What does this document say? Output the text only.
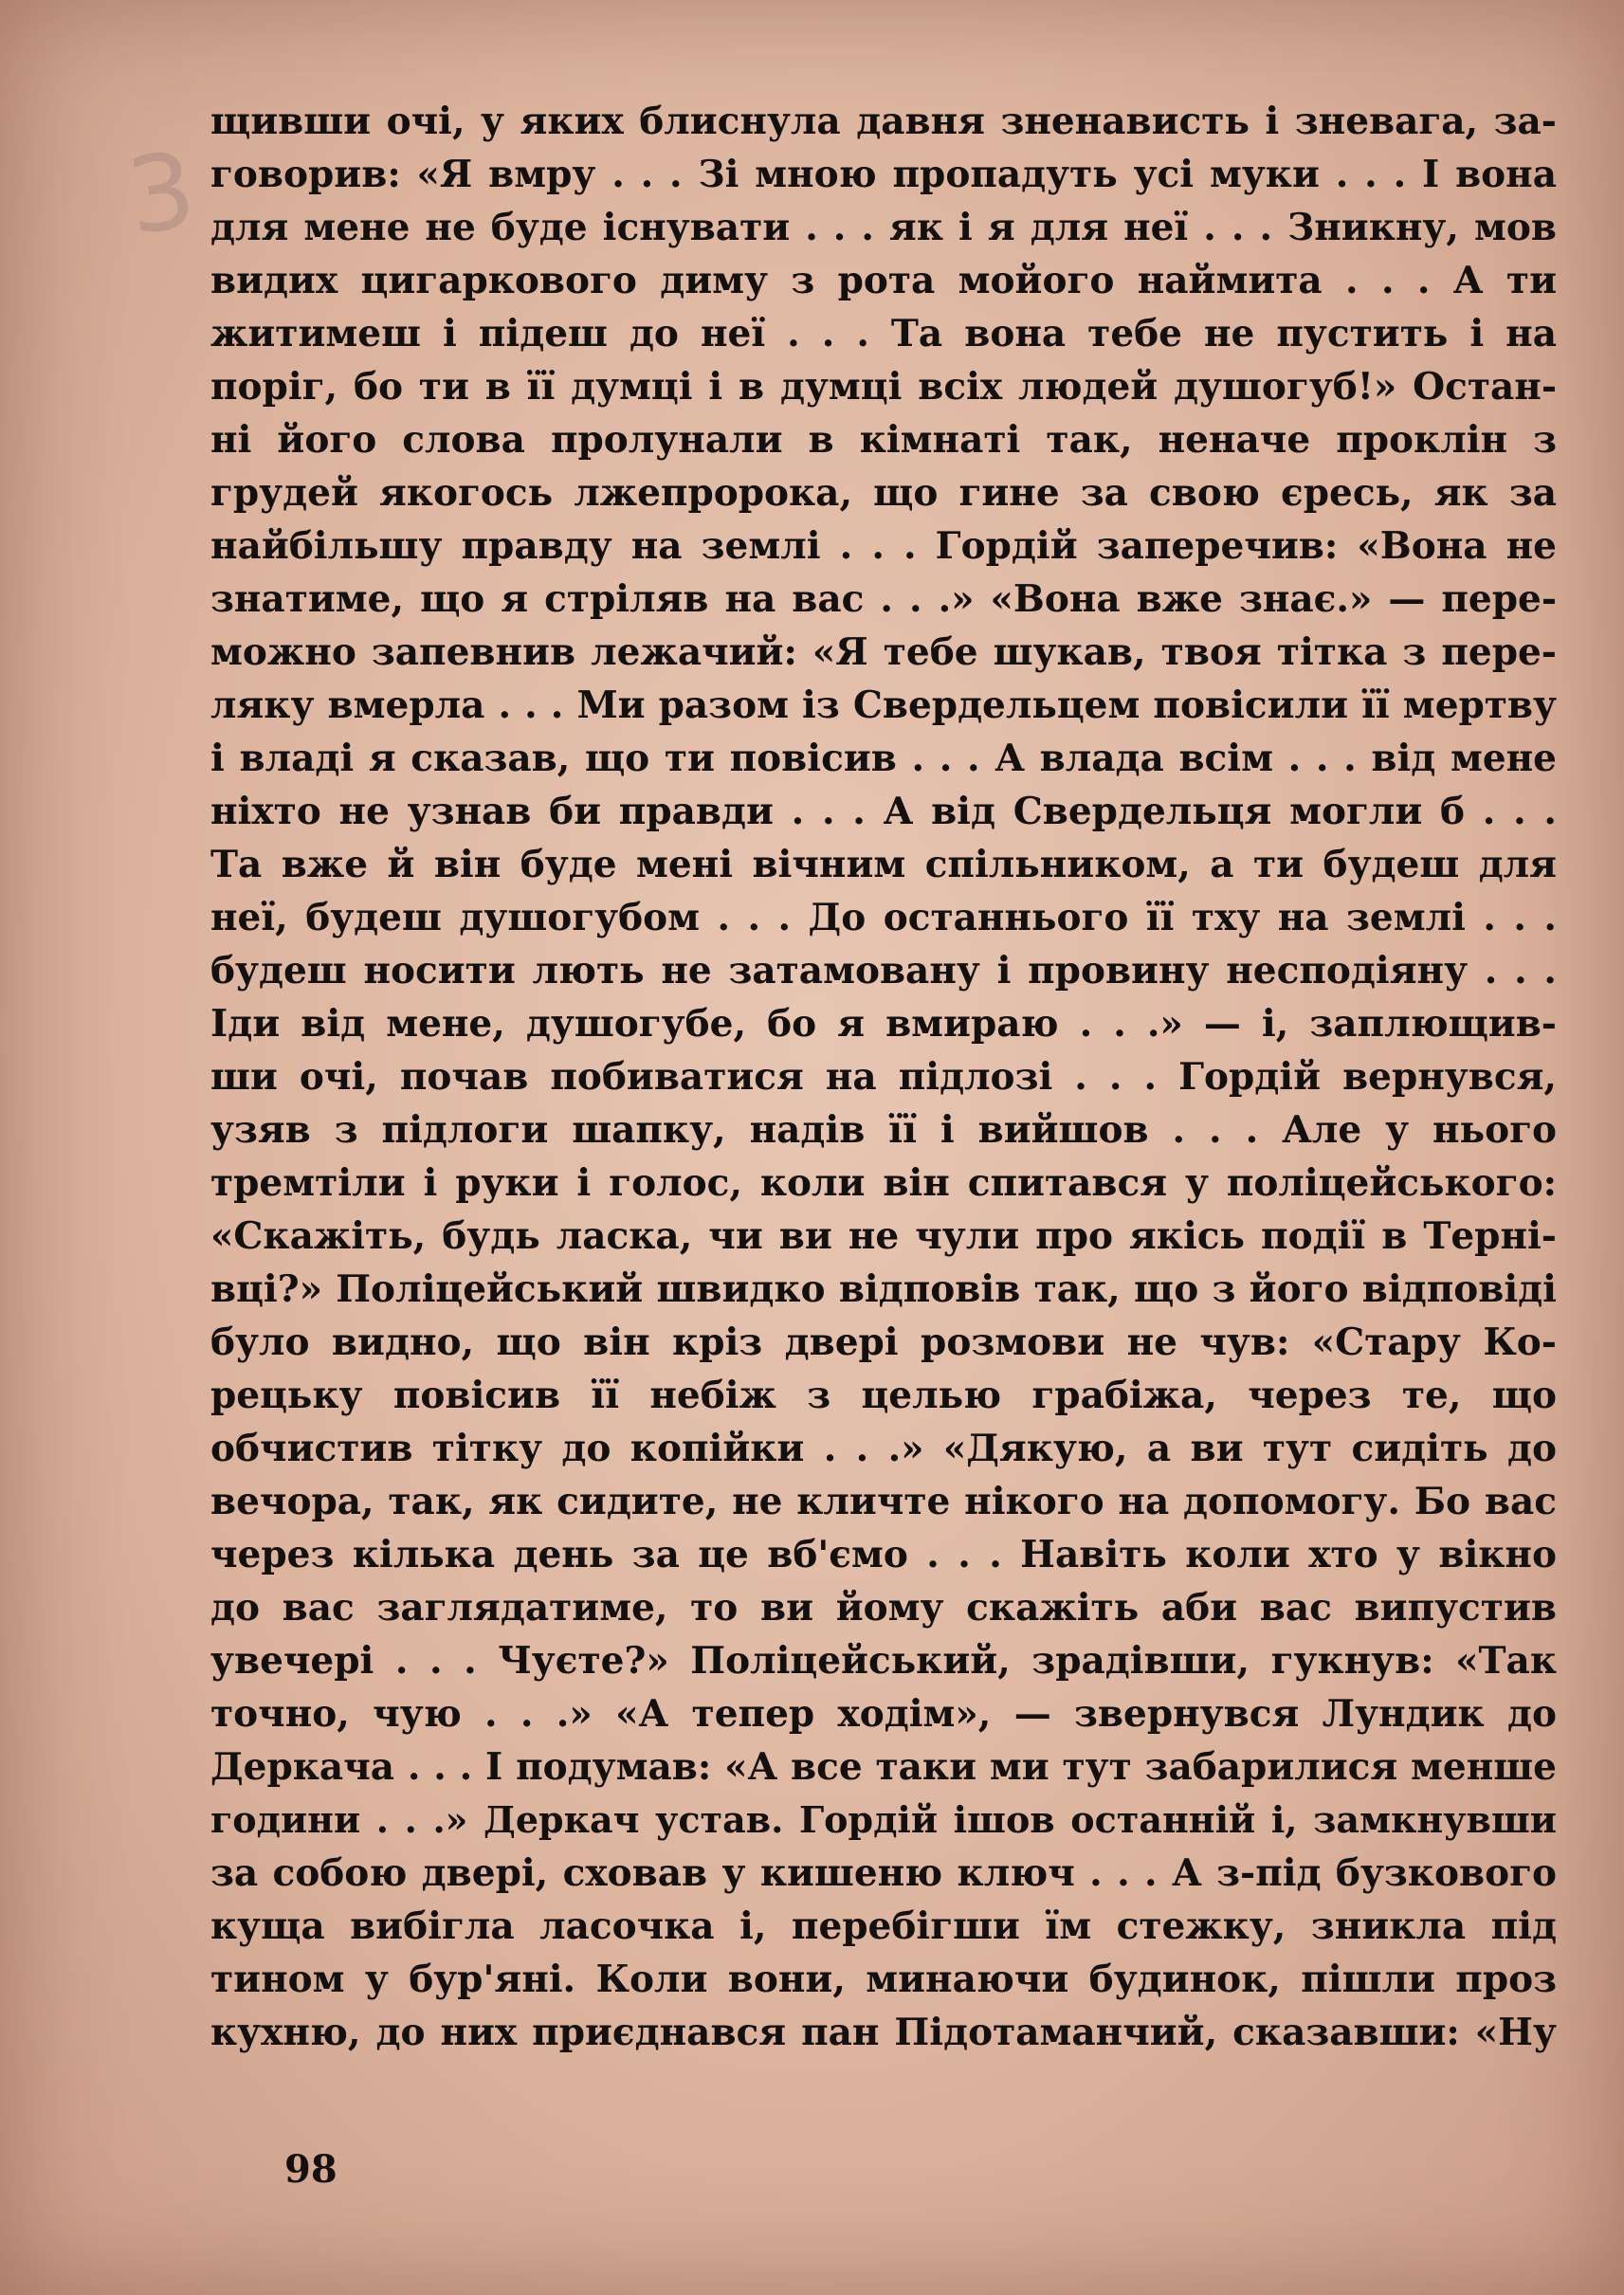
3
щивши очі, у яких блиснула давня зненависть і зневага, за-
говорив: «Я вмру . . . Зі мною пропадуть усі муки . . . І вона
для мене не буде існувати . . . як і я для неї . . . Зникну, мов
видих цигаркового диму з рота мойого наймита . . . А ти
житимеш і підеш до неї . . . Та вона тебе не пустить і на
поріг, бо ти в її думці і в думці всіх людей душогуб!» Остан-
ні його слова пролунали в кімнаті так, неначе проклін з
грудей якогось лжепророка, що гине за свою єресь, як за
найбільшу правду на землі . . . Гордій заперечив: «Вона не
знатиме, що я стріляв на вас . . .» «Вона вже знає.» — пере-
можно запевнив лежачий: «Я тебе шукав, твоя тітка з пере-
ляку вмерла . . . Ми разом із Свердельцем повісили її мертву
і владі я сказав, що ти повісив . . . А влада всім . . . від мене
ніхто не узнав би правди . . . А від Свердельця могли б . . .
Та вже й він буде мені вічним спільником, а ти будеш для
неї, будеш душогубом . . . До останнього її тху на землі . . .
будеш носити лють не затамовану і провину несподіяну . . .
Іди від мене, душогубе, бо я вмираю . . .» — і, заплющив-
ши очі, почав побиватися на підлозі . . . Гордій вернувся,
узяв з підлоги шапку, надів її і вийшов . . . Але у нього
тремтіли і руки і голос, коли він спитався у поліцейського:
«Скажіть, будь ласка, чи ви не чули про якісь події в Терні-
вці?» Поліцейський швидко відповів так, що з його відповіді
було видно, що він кріз двері розмови не чув: «Стару Ко-
рецьку повісив її небіж з целью грабіжа, через те, що
обчистив тітку до копійки . . .» «Дякую, а ви тут сидіть до
вечора, так, як сидите, не кличте нікого на допомогу. Бо вас
через кілька день за це вб'ємо . . . Навіть коли хто у вікно
до вас заглядатиме, то ви йому скажіть аби вас випустив
увечері . . . Чуєте?» Поліцейський, зрадівши, гукнув: «Так
точно, чую . . .» «А тепер ходім», — звернувся Лундик до
Деркача . . . І подумав: «А все таки ми тут забарилися менше
години . . .» Деркач устав. Гордій ішов останній і, замкнувши
за собою двері, сховав у кишеню ключ . . . А з-під бузкового
куща вибігла ласочка і, перебігши їм стежку, зникла під
тином у бур'яні. Коли вони, минаючи будинок, пішли проз
кухню, до них приєднався пан Підотаманчий, сказавши: «Ну
98
